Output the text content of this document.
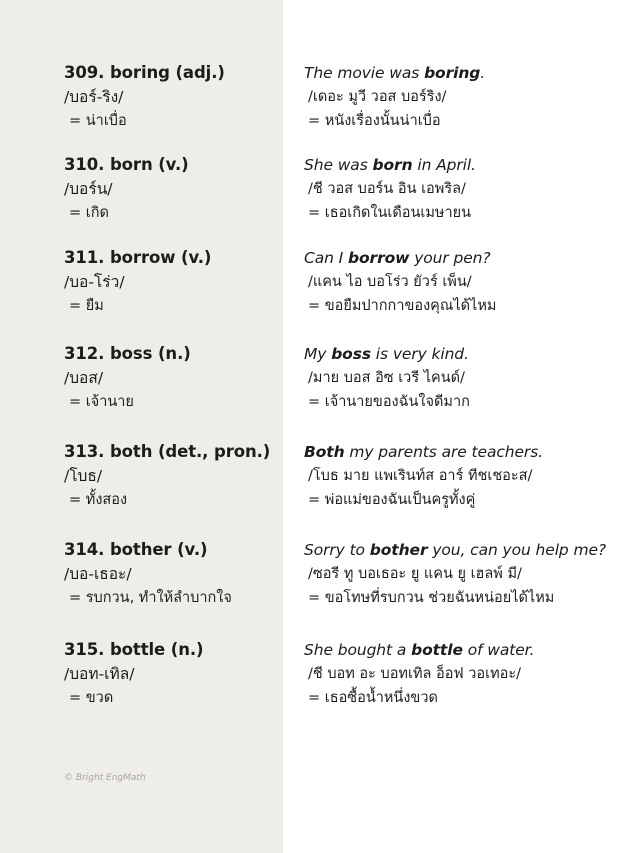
309. boring (adj.)
/บอร์-ริง/
= น่าเบื่อ
The movie was boring.
/เดอะ มูวี วอส บอร์ริง/
= หนังเรื่องนั้นน่าเบื่อ
310. born (v.)
/บอร์น/
= เกิด
She was born in April.
/ชี วอส บอร์น อิน เอพริล/
= เธอเกิดในเดือนเมษายน
311. borrow (v.)
/บอ-โร่ว/
= ยืม
Can I borrow your pen?
/แคน ไอ บอโร่ว ยัวร์ เพ็น/
= ขอยืมปากกาของคุณได้ไหม
312. boss (n.)
/บอส/
= เจ้านาย
My boss is very kind.
/มาย บอส อิซ เวรี ไคนด์/
= เจ้านายของฉันใจดีมาก
313. both (det., pron.)
/โบธ/
= ทั้งสอง
Both my parents are teachers.
/โบธ มาย แพเรินท์ส อาร์ ทีชเชอะส/
= พ่อแม่ของฉันเป็นครูทั้งคู่
314. bother (v.)
/บอ-เธอะ/
= รบกวน, ทำให้ลำบากใจ
Sorry to bother you, can you help me?
/ซอรี ทู บอเธอะ ยู แคน ยู เฮลพ์ มี/
= ขอโทษที่รบกวน ช่วยฉันหน่อยได้ไหม
315. bottle (n.)
/บอท-เทิล/
= ขวด
She bought a bottle of water.
/ชี บอท อะ บอทเทิล อ็อฟ วอเทอะ/
= เธอซื้อน้ำหนึ่งขวด
© Bright EngMath
